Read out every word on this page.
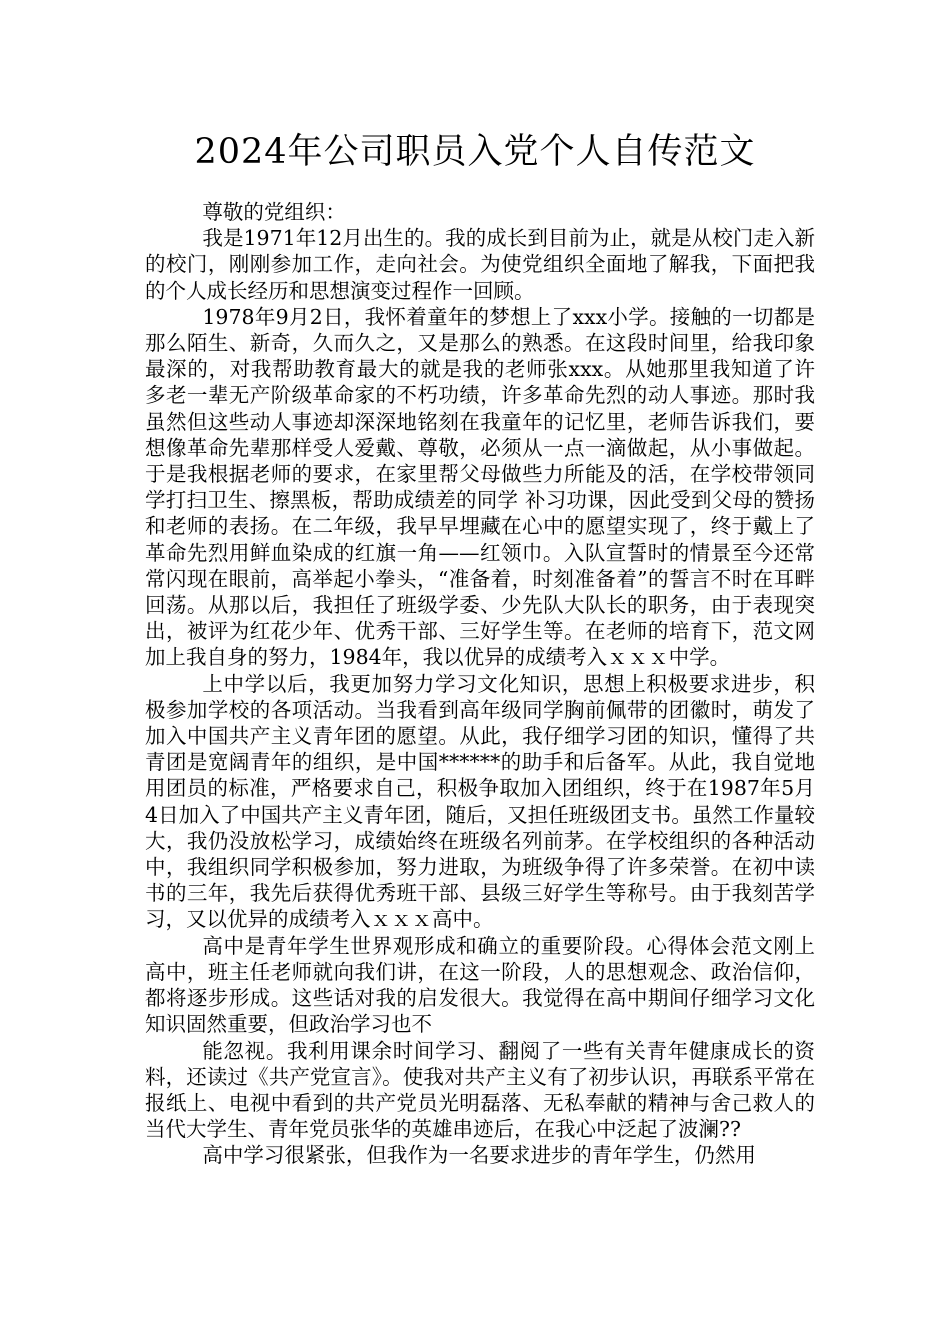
2024年公司职员入党个人自传范文

尊敬的党组织：

我是1971年12月出生的。我的成长到目前为止，就是从校门走入新的校门，刚刚参加工作，走向社会。为使党组织全面地了解我，下面把我的个人成长经历和思想演变过程作一回顾。

1978年9月2日，我怀着童年的梦想上了xxx小学。接触的一切都是那么陌生、新奇，久而久之，又是那么的熟悉。在这段时间里，给我印象最深的，对我帮助教育最大的就是我的老师张xxx。从她那里我知道了许多老一辈无产阶级革命家的不朽功绩，许多革命先烈的动人事迹。那时我虽然但这些动人事迹却深深地铭刻在我童年的记忆里，老师告诉我们，要想像革命先辈那样受人爱戴、尊敬，必须从一点一滴做起，从小事做起。于是我根据老师的要求，在家里帮父母做些力所能及的活，在学校带领同学打扫卫生、擦黑板，帮助成绩差的同学 补习功课，因此受到父母的赞扬和老师的表扬。在二年级，我早早埋藏在心中的愿望实现了，终于戴上了革命先烈用鲜血染成的红旗一角——红领巾。入队宣誓时的情景至今还常常闪现在眼前，高举起小拳头，“准备着，时刻准备着”的誓言不时在耳畔回荡。从那以后，我担任了班级学委、少先队大队长的职务，由于表现突出，被评为红花少年、优秀干部、三好学生等。在老师的培育下，范文网加上我自身的努力，1984年，我以优异的成绩考入ｘｘｘ中学。

上中学以后，我更加努力学习文化知识，思想上积极要求进步，积极参加学校的各项活动。当我看到高年级同学胸前佩带的团徽时，萌发了加入中国共产主义青年团的愿望。从此，我仔细学习团的知识，懂得了共青团是宽阔青年的组织，是中国******的助手和后备军。从此，我自觉地用团员的标准，严格要求自己，积极争取加入团组织，终于在1987年5月4日加入了中国共产主义青年团，随后，又担任班级团支书。虽然工作量较大，我仍没放松学习，成绩始终在班级名列前茅。在学校组织的各种活动中，我组织同学积极参加，努力进取，为班级争得了许多荣誉。在初中读书的三年，我先后获得优秀班干部、县级三好学生等称号。由于我刻苦学习，又以优异的成绩考入ｘｘｘ高中。

高中是青年学生世界观形成和确立的重要阶段。心得体会范文刚上高中，班主任老师就向我们讲，在这一阶段，人的思想观念、政治信仰，都将逐步形成。这些话对我的启发很大。我觉得在高中期间仔细学习文化知识固然重要，但政治学习也不

能忽视。我利用课余时间学习、翻阅了一些有关青年健康成长的资料，还读过《共产党宣言》。使我对共产主义有了初步认识，再联系平常在报纸上、电视中看到的共产党员光明磊落、无私奉献的精神与舍己救人的当代大学生、青年党员张华的英雄串迹后，在我心中泛起了波澜??

高中学习很紧张，但我作为一名要求进步的青年学生，仍然用
